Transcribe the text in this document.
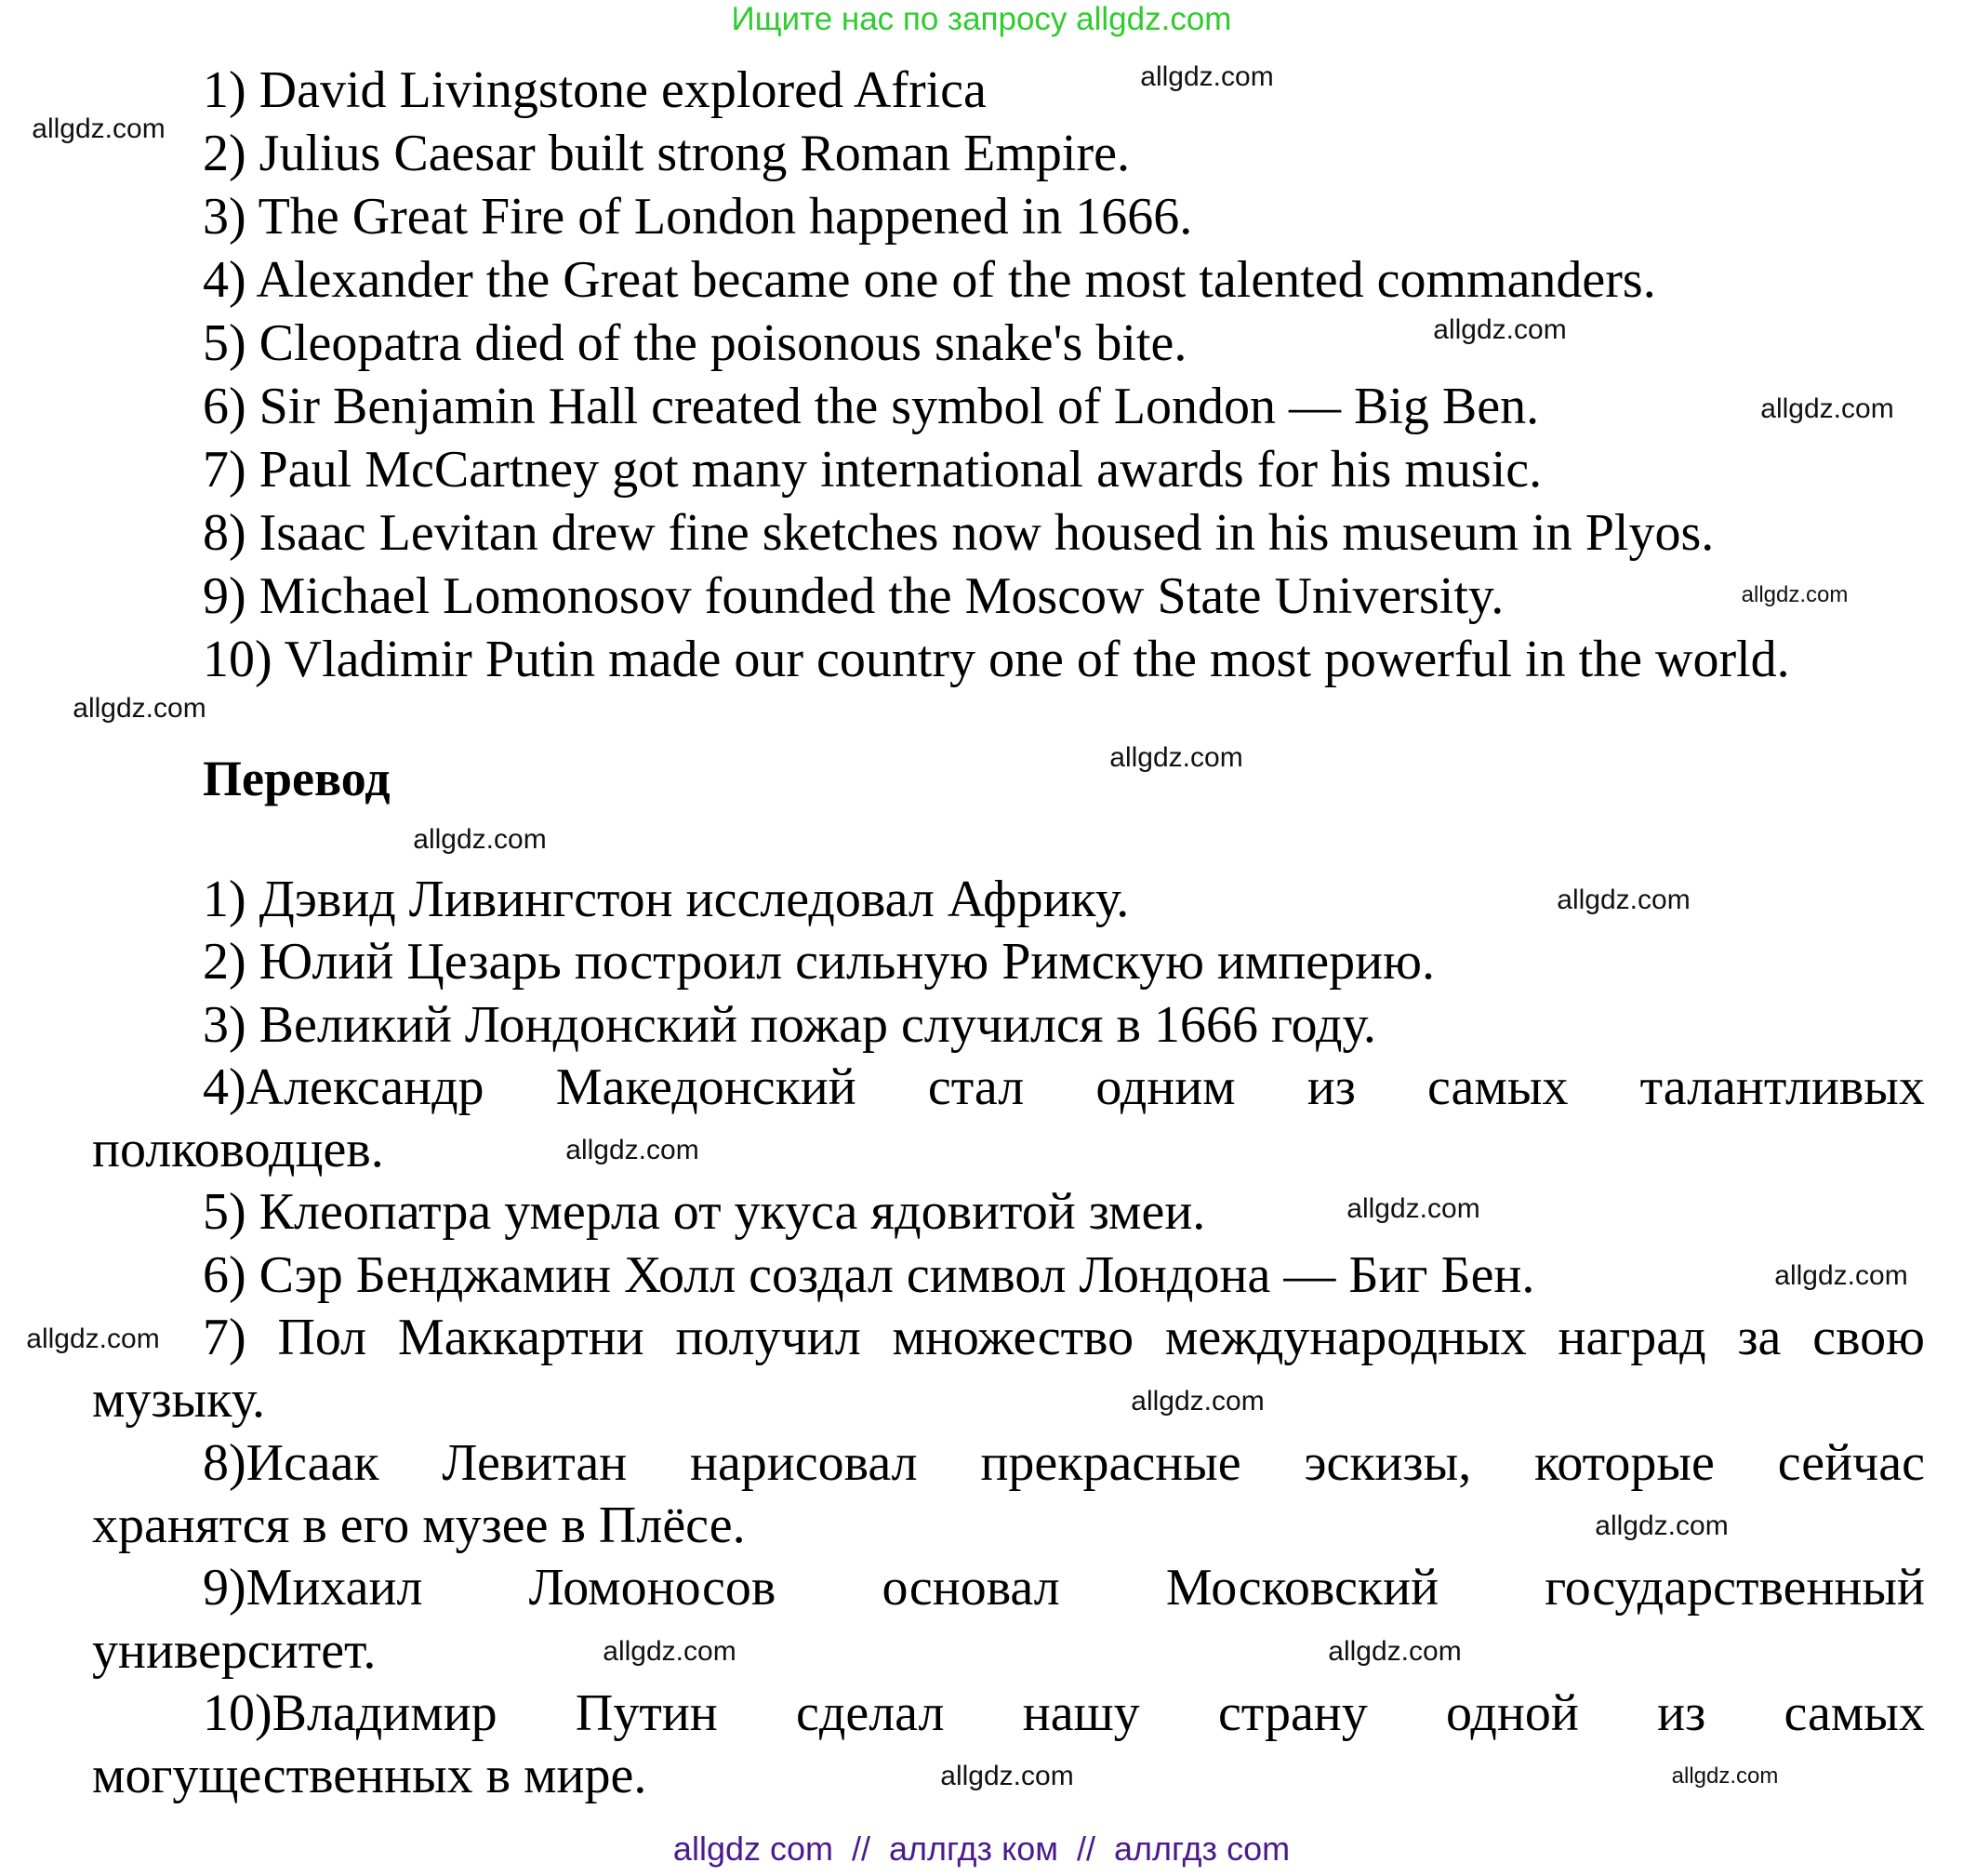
Ищите нас по запросу allgdz.com
1) David Livingstone explored Africa
2) Julius Caesar built strong Roman Empire.
3) The Great Fire of London happened in 1666.
4) Alexander the Great became one of the most talented commanders.
5) Cleopatra died of the poisonous snake's bite.
6) Sir Benjamin Hall created the symbol of London — Big Ben.
7) Paul McCartney got many international awards for his music.
8) Isaac Levitan drew fine sketches now housed in his museum in Plyos.
9) Michael Lomonosov founded the Moscow State University.
10) Vladimir Putin made our country one of the most powerful in the world.
Перевод

1) Дэвид Ливингстон исследовал Африку.

2) Юлий Цезарь построил сильную Римскую империю.

3) Великий Лондонский пожар случился в 1666 году.

4)Александр Македонский стал одним из самых талантливых
полководцев.

5) Клеопатра умерла от укуса ядовитой змеи.

6) Сэр Бенджамин Холл создал символ Лондона — Биг Бен.

7) Пол Маккартни получил множество международных наград за свою
музыку.

8)Исаак Левитан нарисовал прекрасные эскизы, которые сейчас
хранятся в его музее в Плёсе.

9)Михаил Ломоносов основал Московский государственный
университет.

10)Владимир Путин сделал нашу страну одной из самых
могущественных в мире.

allgdz.com
allgdz.com
allgdz.com
allgdz.com
allgdz.com
allgdz.com
allgdz.com
allgdz.com
allgdz.com
allgdz.com
allgdz.com
allgdz.com
allgdz.com
allgdz.com
allgdz.com
allgdz.com
allgdz.com
allgdz.com
allgdz.com
allgdz com  //  аллгдз ком  //  аллгдз com
